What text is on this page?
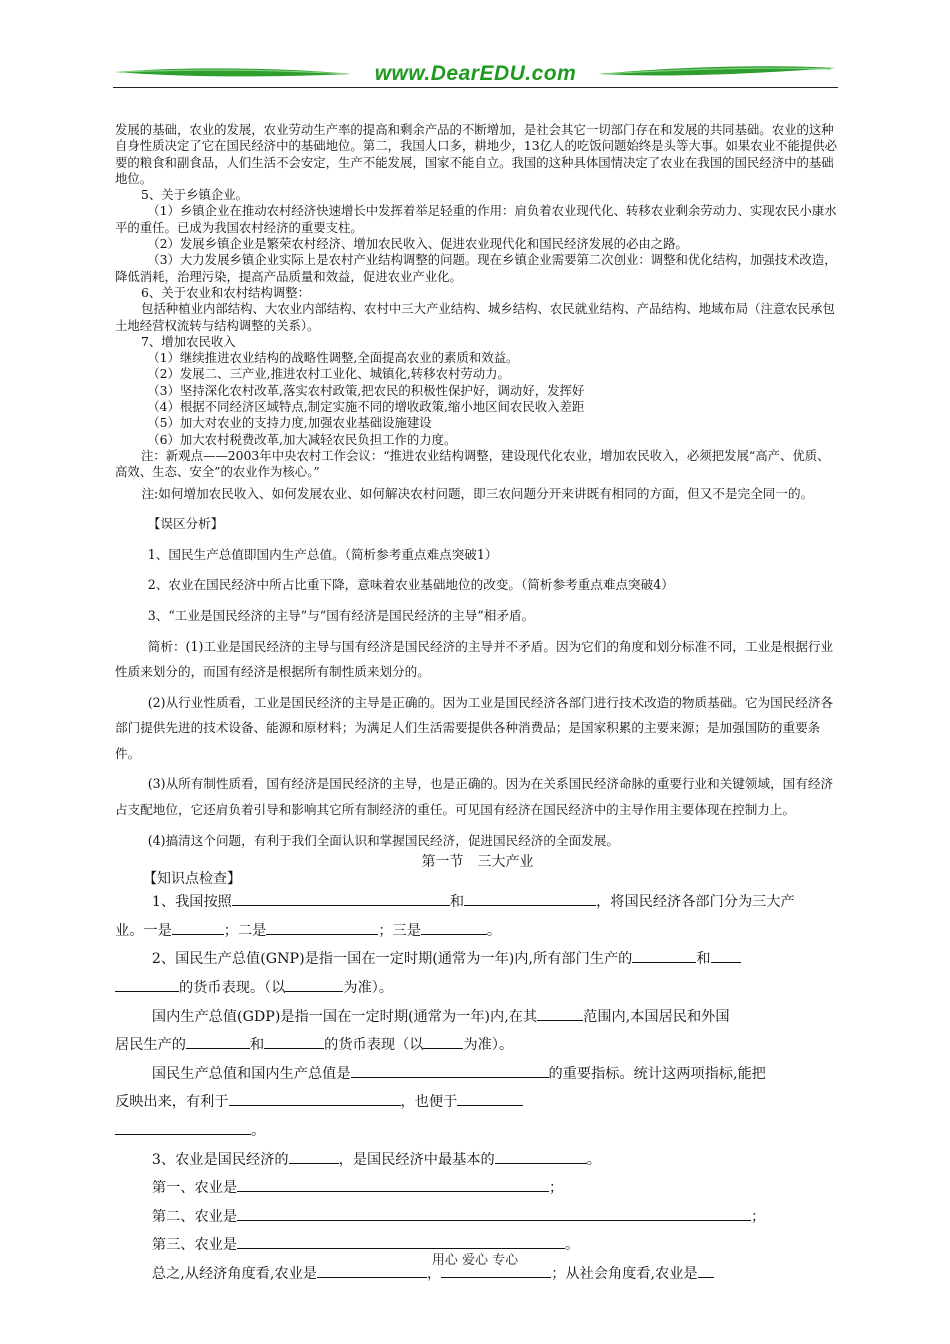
www.DearEDU.com

发展的基础，农业的发展，农业劳动生产率的提高和剩余产品的不断增加，是社会其它一切部门存在和发展的共同基础。农业的这种自身性质决定了它在国民经济中的基础地位。第二，我国人口多，耕地少，13亿人的吃饭问题始终是头等大事。如果农业不能提供必要的粮食和副食品，人们生活不会安定，生产不能发展，国家不能自立。我国的这种具体国情决定了农业在我国的国民经济中的基础地位。

5、关于乡镇企业。

（1）乡镇企业在推动农村经济快速增长中发挥着举足轻重的作用：肩负着农业现代化、转移农业剩余劳动力、实现农民小康水平的重任。已成为我国农村经济的重要支柱。

（2）发展乡镇企业是繁荣农村经济、增加农民收入、促进农业现代化和国民经济发展的必由之路。

（3）大力发展乡镇企业实际上是农村产业结构调整的问题。现在乡镇企业需要第二次创业：调整和优化结构，加强技术改造，降低消耗，治理污染，提高产品质量和效益，促进农业产业化。

6、关于农业和农村结构调整：

包括种植业内部结构、大农业内部结构、农村中三大产业结构、城乡结构、农民就业结构、产品结构、地域布局（注意农民承包土地经营权流转与结构调整的关系）。

7、增加农民收入

（1）继续推进农业结构的战略性调整,全面提高农业的素质和效益。

（2）发展二、三产业,推进农村工业化、城镇化,转移农村劳动力。

（3）坚持深化农村改革,落实农村政策,把农民的积极性保护好，调动好，发挥好

（4）根据不同经济区域特点,制定实施不同的增收政策,缩小地区间农民收入差距

（5）加大对农业的支持力度,加强农业基础设施建设

（6）加大农村税费改革,加大减轻农民负担工作的力度。

注：新观点——2003年中央农村工作会议：“推进农业结构调整，建设现代化农业，增加农民收入，必须把发展“高产、优质、高效、生态、安全”的农业作为核心。”

注:如何增加农民收入、如何发展农业、如何解决农村问题，即三农问题分开来讲既有相同的方面，但又不是完全同一的。

【误区分析】

1、国民生产总值即国内生产总值。（简析参考重点难点突破1）

2、农业在国民经济中所占比重下降，意味着农业基础地位的改变。（简析参考重点难点突破4）

3、“工业是国民经济的主导”与“国有经济是国民经济的主导”相矛盾。

简析：(1)工业是国民经济的主导与国有经济是国民经济的主导并不矛盾。因为它们的角度和划分标准不同，工业是根据行业性质来划分的，而国有经济是根据所有制性质来划分的。

(2)从行业性质看，工业是国民经济的主导是正确的。因为工业是国民经济各部门进行技术改造的物质基础。它为国民经济各部门提供先进的技术设备、能源和原材料；为满足人们生活需要提供各种消费品；是国家积累的主要来源；是加强国防的重要条件。

(3)从所有制性质看，国有经济是国民经济的主导，也是正确的。因为在关系国民经济命脉的重要行业和关键领域，国有经济占支配地位，它还肩负着引导和影响其它所有制经济的重任。可见国有经济在国民经济中的主导作用主要体现在控制力上。

(4)搞清这个问题，有利于我们全面认识和掌握国民经济，促进国民经济的全面发展。

第一节　三大产业

【知识点检查】

1、我国按照	和	，将国民经济各部门分为三大产

业。一是	；二是	；三是	。

2、国民生产总值(GNP)是指一国在一定时期(通常为一年)内,所有部门生产的	和

的货币表现。（以	为准）。

国内生产总值(GDP)是指一国在一定时期(通常为一年)内,在其	范围内,本国居民和外国

居民生产的	和	的货币表现（以	为准）。

国民生产总值和国内生产总值是	的重要指标。统计这两项指标,能把

反映出来，有利于	，也便于

。

3、农业是国民经济的	，是国民经济中最基本的	。

第一、农业是	；

第二、农业是	；

第三、农业是	。

总之,从经济角度看,农业是	，	；从社会角度看,农业是

用心 爱心 专心
